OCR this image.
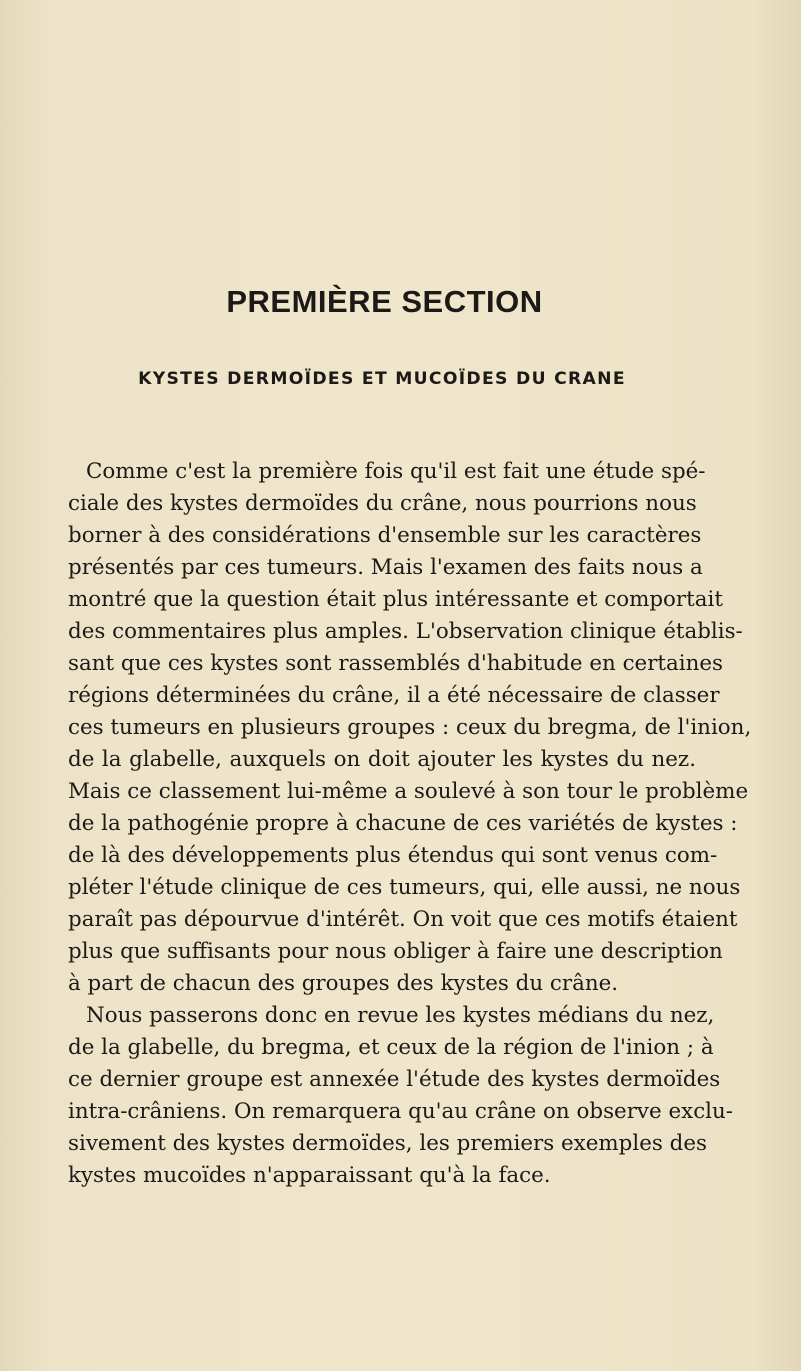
PREMIÈRE SECTION
KYSTES DERMOÏDES ET MUCOÏDES DU CRANE
Comme c'est la première fois qu'il est fait une étude spé-
ciale des kystes dermoïdes du crâne, nous pourrions nous
borner à des considérations d'ensemble sur les caractères
présentés par ces tumeurs. Mais l'examen des faits nous a
montré que la question était plus intéressante et comportait
des commentaires plus amples. L'observation clinique établis-
sant que ces kystes sont rassemblés d'habitude en certaines
régions déterminées du crâne, il a été nécessaire de classer
ces tumeurs en plusieurs groupes : ceux du bregma, de l'inion,
de la glabelle, auxquels on doit ajouter les kystes du nez.
Mais ce classement lui-même a soulevé à son tour le problème
de la pathogénie propre à chacune de ces variétés de kystes :
de là des développements plus étendus qui sont venus com-
pléter l'étude clinique de ces tumeurs, qui, elle aussi, ne nous
paraît pas dépourvue d'intérêt. On voit que ces motifs étaient
plus que suffisants pour nous obliger à faire une description
à part de chacun des groupes des kystes du crâne.
Nous passerons donc en revue les kystes médians du nez,
de la glabelle, du bregma, et ceux de la région de l'inion ; à
ce dernier groupe est annexée l'étude des kystes dermoïdes
intra-crâniens. On remarquera qu'au crâne on observe exclu-
sivement des kystes dermoïdes, les premiers exemples des
kystes mucoïdes n'apparaissant qu'à la face.
